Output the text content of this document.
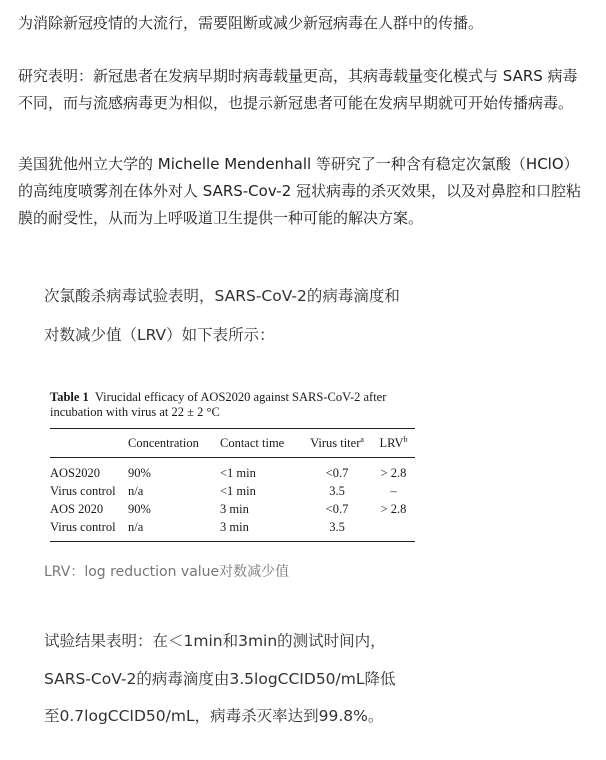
为消除新冠疫情的大流行，需要阻断或减少新冠病毒在人群中的传播。

研究表明：新冠患者在发病早期时病毒载量更高，其病毒载量变化模式与 SARS 病毒不同，而与流感病毒更为相似，也提示新冠患者可能在发病早期就可开始传播病毒。

美国犹他州立大学的 Michelle Mendenhall 等研究了一种含有稳定次氯酸（HClO）的高纯度喷雾剂在体外对人 SARS-Cov-2 冠状病毒的杀灭效果，以及对鼻腔和口腔粘膜的耐受性，从而为上呼吸道卫生提供一种可能的解决方案。

次氯酸杀病毒试验表明，SARS-CoV-2的病毒滴度和

对数减少值（LRV）如下表所示：

Table 1 Virucidal efficacy of AOS2020 against SARS-CoV-2 after incubation with virus at 22 ± 2 °C

	Concentration	Contact time	Virus titer$^a$	LRV$^b$
AOS2020	90%	<1 min	<0.7	> 2.8
Virus control	n/a	<1 min	3.5	–
AOS 2020	90%	3 min	<0.7	> 2.8
Virus control	n/a	3 min	3.5	

LRV：log reduction value对数减少值

试验结果表明：在＜1min和3min的测试时间内，

SARS-CoV-2的病毒滴度由3.5logCCID50/mL降低

至0.7logCCID50/mL，病毒杀灭率达到99.8%。
